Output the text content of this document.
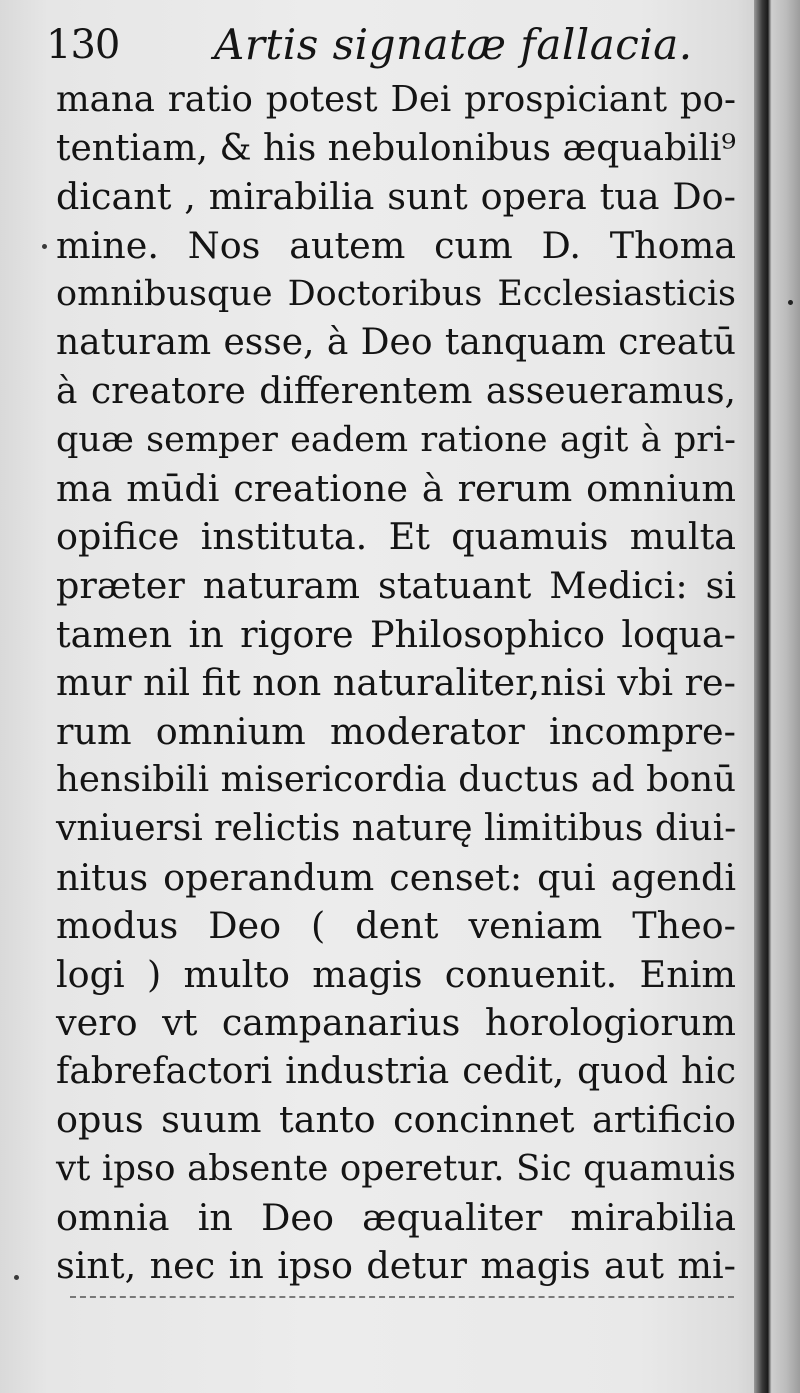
130 Artis signatæ fallacia.
mana ratio potest Dei prospiciant po-
tentiam, & his nebulonibus æquabili⁹
dicant , mirabilia sunt opera tua Do-
mine. Nos autem cum D. Thoma
omnibusque Doctoribus Ecclesiasticis
naturam esse, à Deo tanquam creatū
à creatore differentem asseueramus,
quæ semper eadem ratione agit à pri-
ma mūdi creatione à rerum omnium
opifice instituta. Et quamuis multa
præter naturam statuant Medici: si
tamen in rigore Philosophico loqua-
mur nil fit non naturaliter,nisi vbi re-
rum omnium moderator incompre-
hensibili misericordia ductus ad bonū
vniuersi relictis naturę limitibus diui-
nitus operandum censet: qui agendi
modus Deo ( dent veniam Theo-
logi ) multo magis conuenit. Enim
vero vt campanarius horologiorum
fabrefactori industria cedit, quod hic
opus suum tanto concinnet artificio
vt ipso absente operetur. Sic quamuis
omnia in Deo æqualiter mirabilia
sint, nec in ipso detur magis aut mi-
